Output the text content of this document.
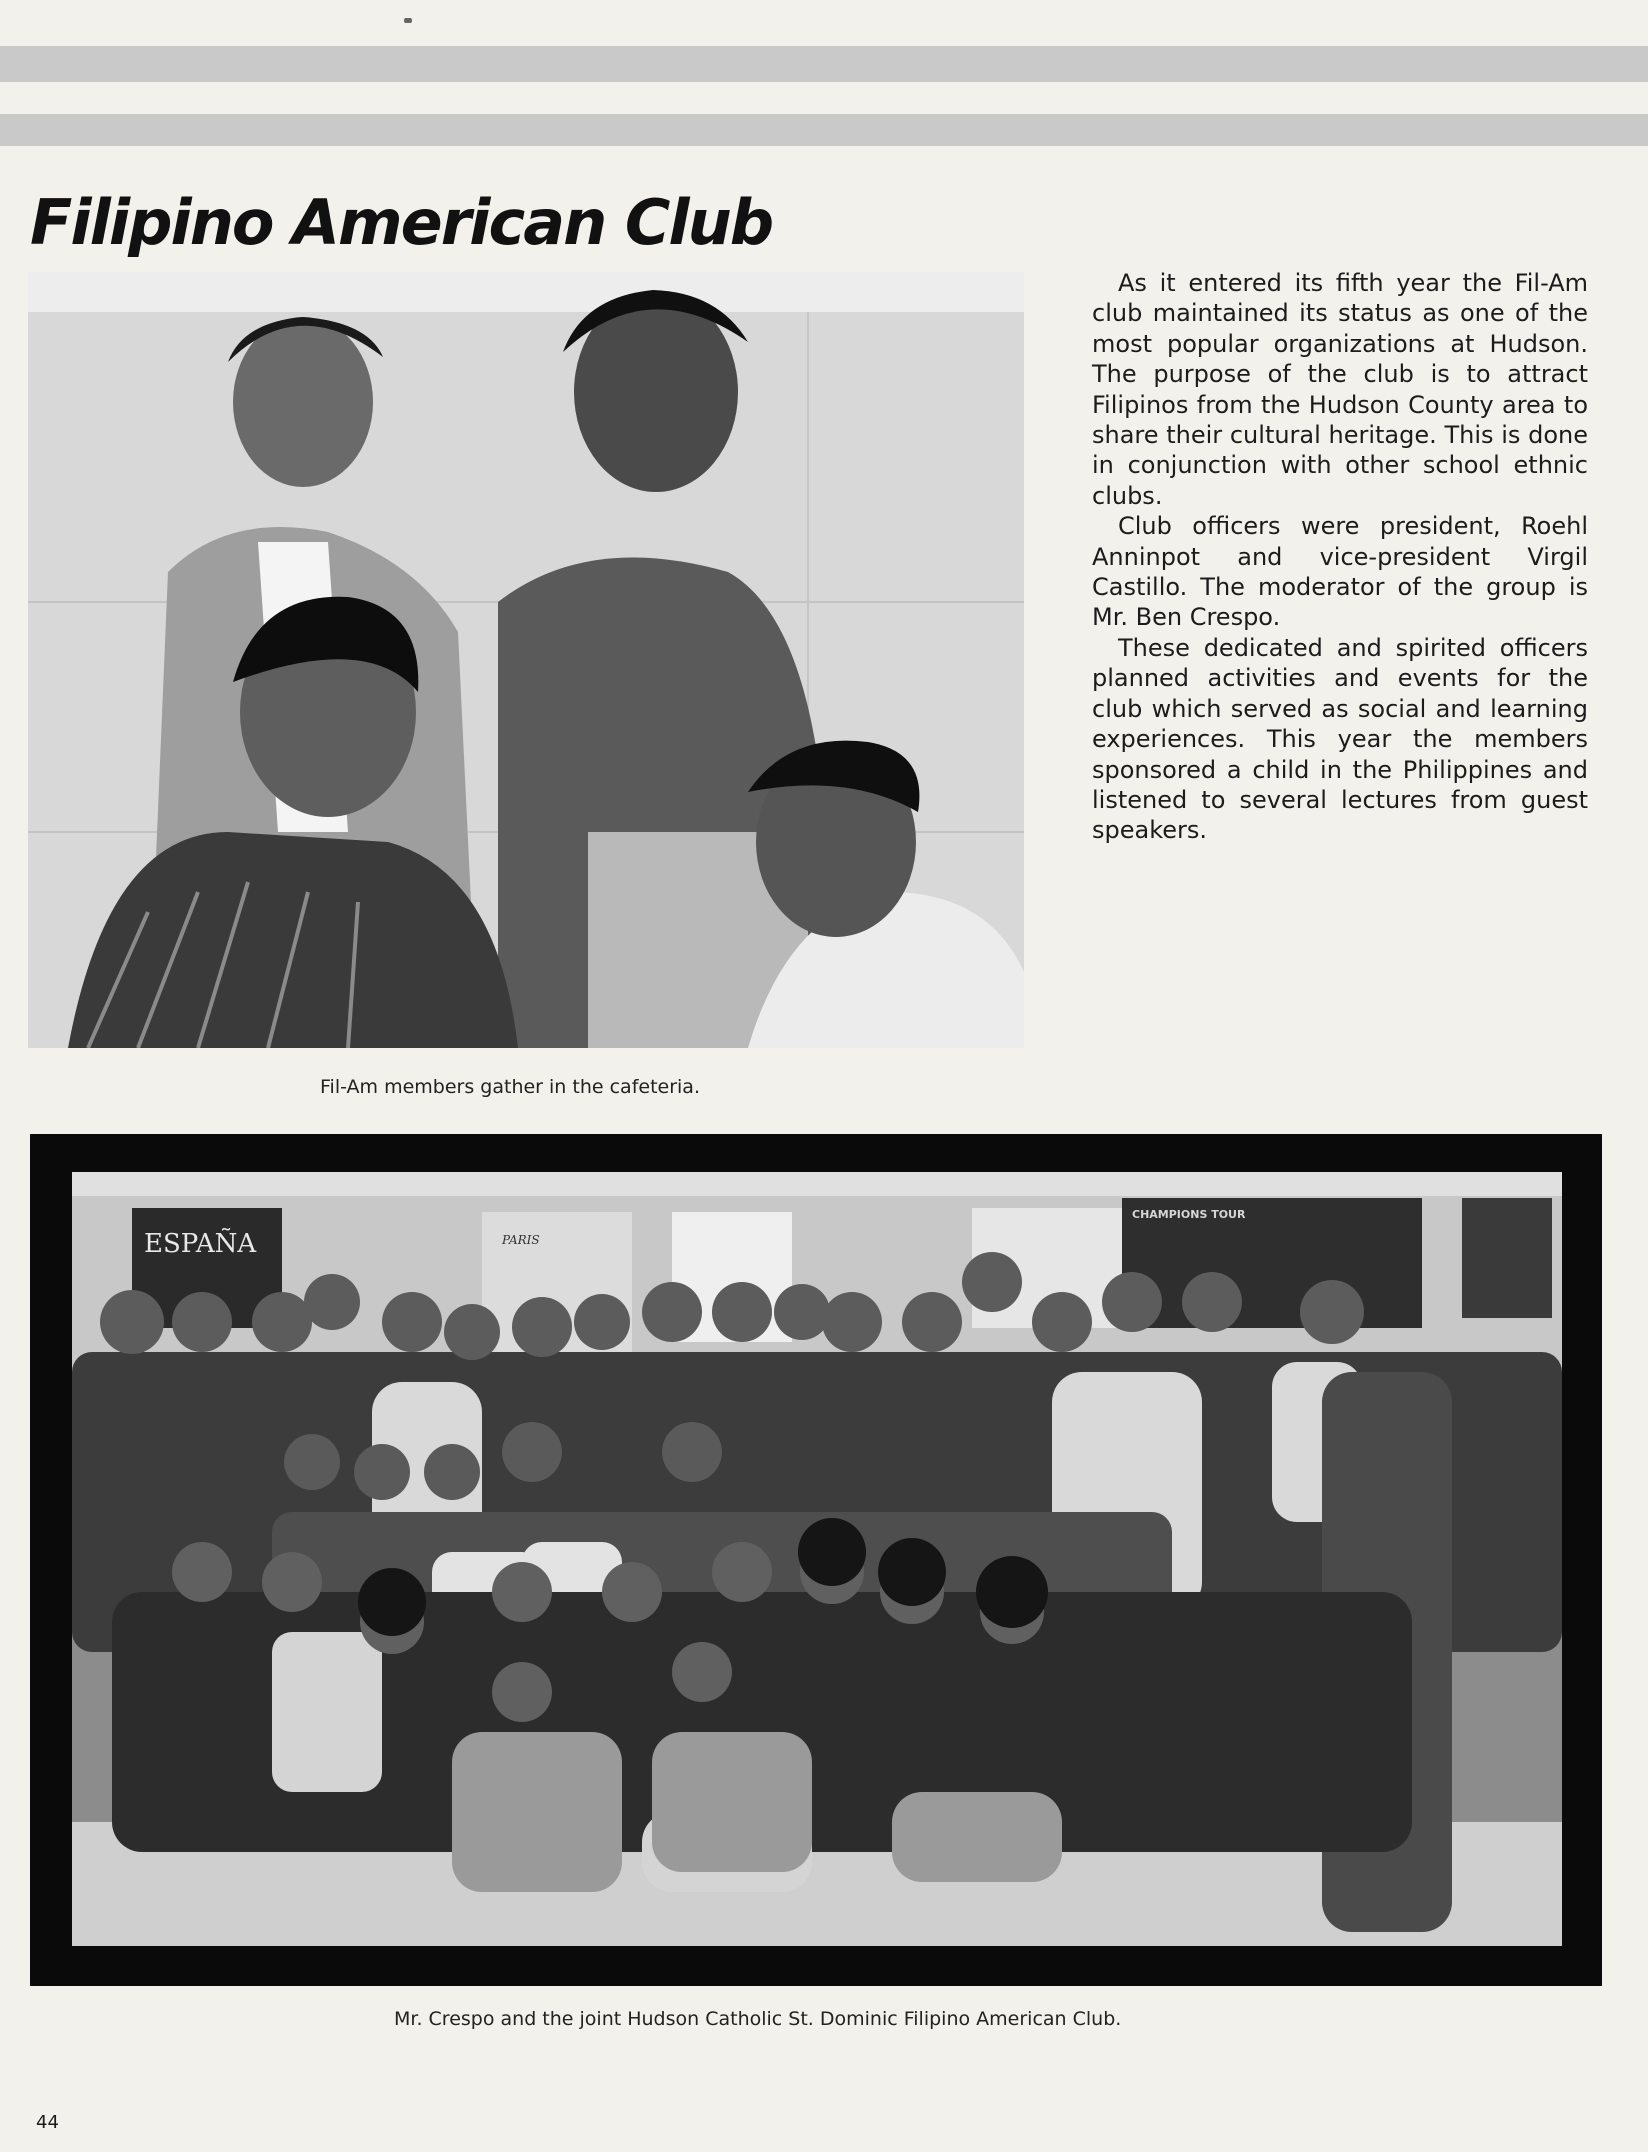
Filipino American Club

As it entered its fifth year the Fil-Am club maintained its status as one of the most popular organizations at Hudson. The purpose of the club is to attract Filipinos from the Hudson County area to share their cultural heritage. This is done in conjunction with other school ethnic clubs.

Club officers were president, Roehl Anninpot and vice-president Virgil Castillo. The moderator of the group is Mr. Ben Crespo.

These dedicated and spirited officers planned activities and events for the club which served as social and learning experiences. This year the members sponsored a child in the Philippines and listened to several lectures from guest speakers.

Fil-Am members gather in the cafeteria.
ESPAÑA	PARIS
CHAMPIONS TOUR
Mr. Crespo and the joint Hudson Catholic St. Dominic Filipino American Club.
44
